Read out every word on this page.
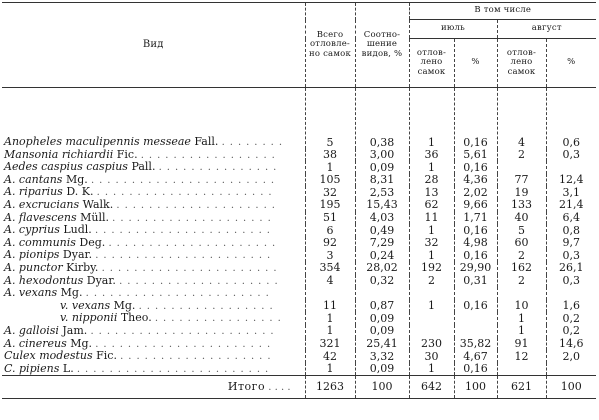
Вид	Всего отловле-но самок	Соотно-шение видов, %	В том числе			
			июль		август	
			отлов-лено самок	%	отлов-лено самок	%
Anopheles maculipennis messeae Fall. . . . . . . . .	5	0,38	1	0,16	4	0,6
Mansonia richiardii Fic. . . . . . . . . . . . . . . . . .	38	3,00	36	5,61	2	0,3
Aedes caspius caspius Pall. . . . . . . . . . . . . . . .	1	0,09	1	0,16		
A. cantans Mg. . . . . . . . . . . . . . . . . . . . . . . .	105	8,31	28	4,36	77	12,4
A. riparius D. K. . . . . . . . . . . . . . . . . . . . . . .	32	2,53	13	2,02	19	3,1
A. excrucians Walk. . . . . . . . . . . . . . . . . . . . .	195	15,43	62	9,66	133	21,4
A. flavescens Müll. . . . . . . . . . . . . . . . . . . . .	51	4,03	11	1,71	40	6,4
A. cyprius Ludl. . . . . . . . . . . . . . . . . . . . . . .	6	0,49	1	0,16	5	0,8
A. communis Deg. . . . . . . . . . . . . . . . . . . . . .	92	7,29	32	4,98	60	9,7
A. pionips Dyar. . . . . . . . . . . . . . . . . . . . . . .	3	0,24	1	0,16	2	0,3
A. punctor Kirby. . . . . . . . . . . . . . . . . . . . . . .	354	28,02	192	29,90	162	26,1
A. hexodontus Dyar. . . . . . . . . . . . . . . . . . . . .	4	0,32	2	0,31	2	0,3
A. vexans Mg. . . . . . . . . . . . . . . . . . . . . . . .						
v. vexans Mg. . . . . . . . . . . . . . . . . .	11	0,87	1	0,16	10	1,6
v. nipponii Theo. . . . . . . . . . . . . . . . .	1	0,09			1	0,2
A. galloisi Jam. . . . . . . . . . . . . . . . . . . . . . . .	1	0,09			1	0,2
A. cinereus Mg. . . . . . . . . . . . . . . . . . . . . . .	321	25,41	230	35,82	91	14,6
Culex modestus Fic. . . . . . . . . . . . . . . . . . . .	42	3,32	30	4,67	12	2,0
C. pipiens L. . . . . . . . . . . . . . . . . . . . . . . . .	1	0,09	1	0,16		
Итого . . . .	1263	100	642	100	621	100
